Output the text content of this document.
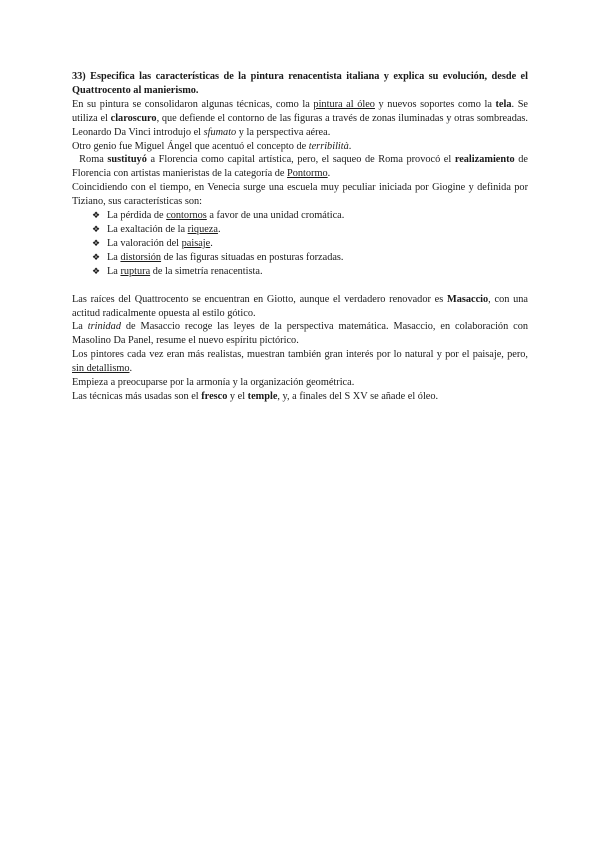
33) Especifica las características de la pintura renacentista italiana y explica su evolución, desde el Quattrocento al manierismo.

En su pintura se consolidaron algunas técnicas, como la pintura al óleo y nuevos soportes como la tela. Se utiliza el claroscuro, que defiende el contorno de las figuras a través de zonas iluminadas y otras sombreadas. Leonardo Da Vinci introdujo el sfumato y la perspectiva aérea.

Otro genio fue Miguel Ángel que acentuó el concepto de terribilità.

Roma sustituyó a Florencia como capital artística, pero, el saqueo de Roma provocó el realizamiento de Florencia con artistas manieristas de la categoría de Pontormo.

Coincidiendo con el tiempo, en Venecia surge una escuela muy peculiar iniciada por Giogine y definida por Tiziano, sus características son:

❖ La pérdida de contornos a favor de una unidad cromática.
❖ La exaltación de la riqueza.
❖ La valoración del paisaje.
❖ La distorsión de las figuras situadas en posturas forzadas.
❖ La ruptura de la simetría renacentista.

Las raíces del Quattrocento se encuentran en Giotto, aunque el verdadero renovador es Masaccio, con una actitud radicalmente opuesta al estilo gótico.

La trinidad de Masaccio recoge las leyes de la perspectiva matemática. Masaccio, en colaboración con Masolino Da Panel, resume el nuevo espíritu pictórico.

Los pintores cada vez eran más realistas, muestran también gran interés por lo natural y por el paisaje, pero, sin detallismo.

Empieza a preocuparse por la armonía y la organización geométrica.

Las técnicas más usadas son el fresco y el temple, y, a finales del S XV se añade el óleo.
